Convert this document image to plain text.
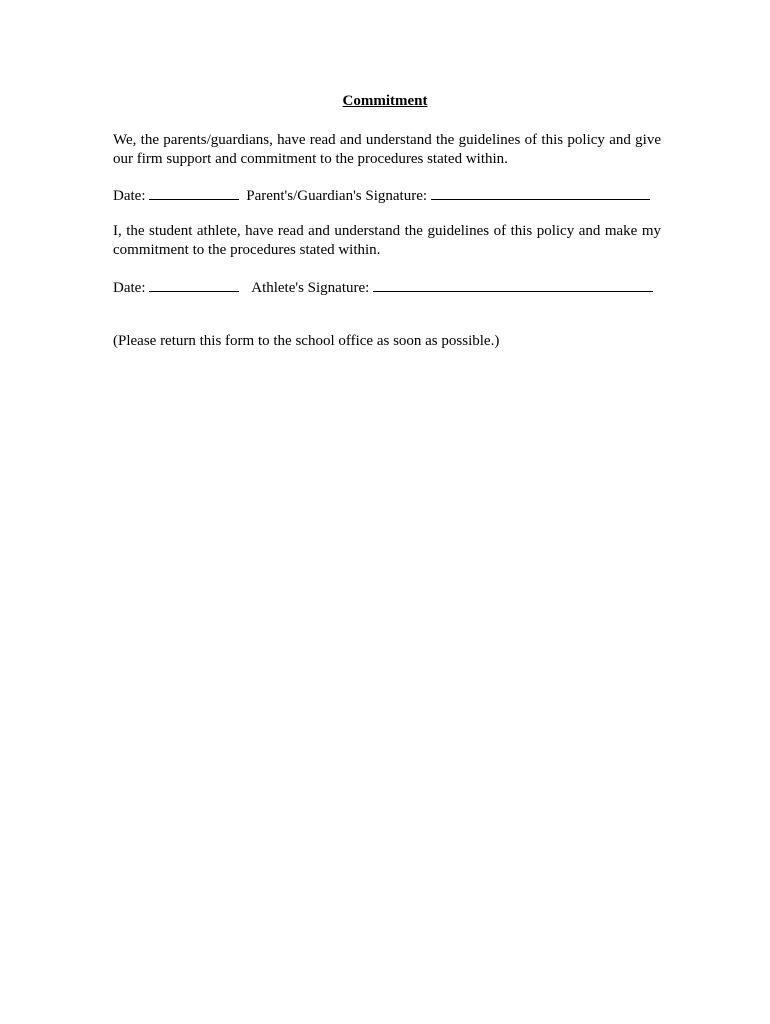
Commitment
We, the parents/guardians, have read and understand the guidelines of this policy and give our firm support and commitment to the procedures stated within.
Date:	Parent's/Guardian's Signature:
I, the student athlete, have read and understand the guidelines of this policy and make my commitment to the procedures stated within.
Date:	Athlete's Signature:
(Please return this form to the school office as soon as possible.)
